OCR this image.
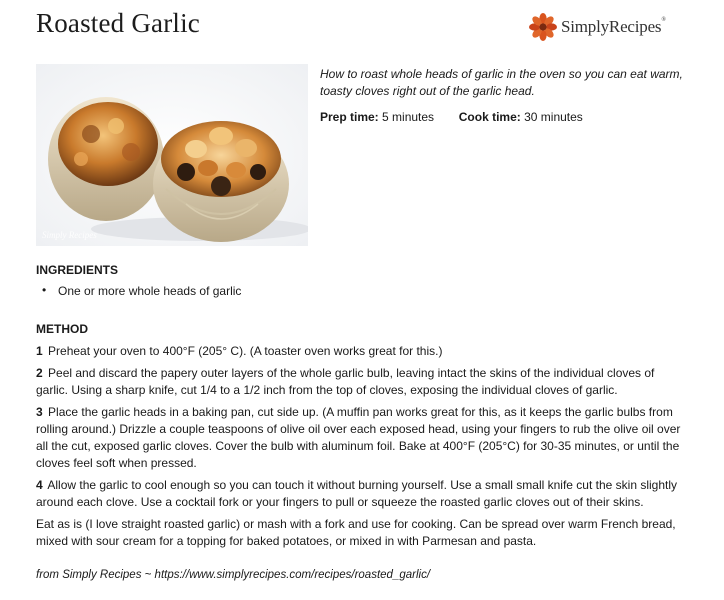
Roasted Garlic	SimplyRecipes®
Simply Recipes
How to roast whole heads of garlic in the oven so you can eat warm, toasty cloves right out of the garlic head.
Prep time: 5 minutes Cook time: 30 minutes
INGREDIENTS
• One or more whole heads of garlic
METHOD

1 Preheat your oven to 400°F (205° C). (A toaster oven works great for this.)

2 Peel and discard the papery outer layers of the whole garlic bulb, leaving intact the skins of the individual cloves of garlic. Using a sharp knife, cut 1/4 to a 1/2 inch from the top of cloves, exposing the individual cloves of garlic.

3 Place the garlic heads in a baking pan, cut side up. (A muffin pan works great for this, as it keeps the garlic bulbs from rolling around.) Drizzle a couple teaspoons of olive oil over each exposed head, using your fingers to rub the olive oil over all the cut, exposed garlic cloves. Cover the bulb with aluminum foil. Bake at 400°F (205°C) for 30-35 minutes, or until the cloves feel soft when pressed.

4 Allow the garlic to cool enough so you can touch it without burning yourself. Use a small small knife cut the skin slightly around each clove. Use a cocktail fork or your fingers to pull or squeeze the roasted garlic cloves out of their skins.

Eat as is (I love straight roasted garlic) or mash with a fork and use for cooking. Can be spread over warm French bread, mixed with sour cream for a topping for baked potatoes, or mixed in with Parmesan and pasta.

from Simply Recipes ~ https://www.simplyrecipes.com/recipes/roasted_garlic/
